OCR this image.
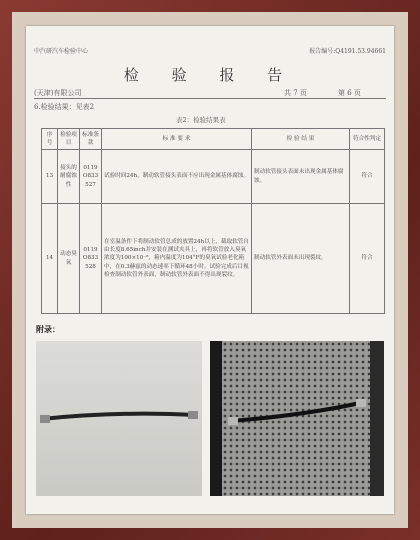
中汽研汽车检验中心	报告编号:Q4191.53.94661
检 验 报 告
(天津)有限公司	共 7 页	第 6 页
6.检验结果：见表2
表2：检验结果表
序号	检验项目	标准条款	标 准 要 求	检 验 结 果	符合性判定
13	接头的耐腐蚀性	0119 O833 527	试验时间24h，制动软管接头表面不应出现金属基体腐蚀。	制动软管接头表面未出现金属基体腐蚀。	符合
14	动态臭氧	0119 O833 528	在室温条件下将制动软管总成的放置24h以上，截取软管自由长度8.65inch并安装在测试夹具上，再将软管放入臭氧浓度为100×10⁻⁸，箱内温度为104°F的臭氧试验老化箱中，在0.3赫兹的动态速率下循环48小时。试验完成后目视检查制动软管外表面，制动软管外表面不得出现裂纹。	制动软管外表面未出现裂纹。	符合
附录：
